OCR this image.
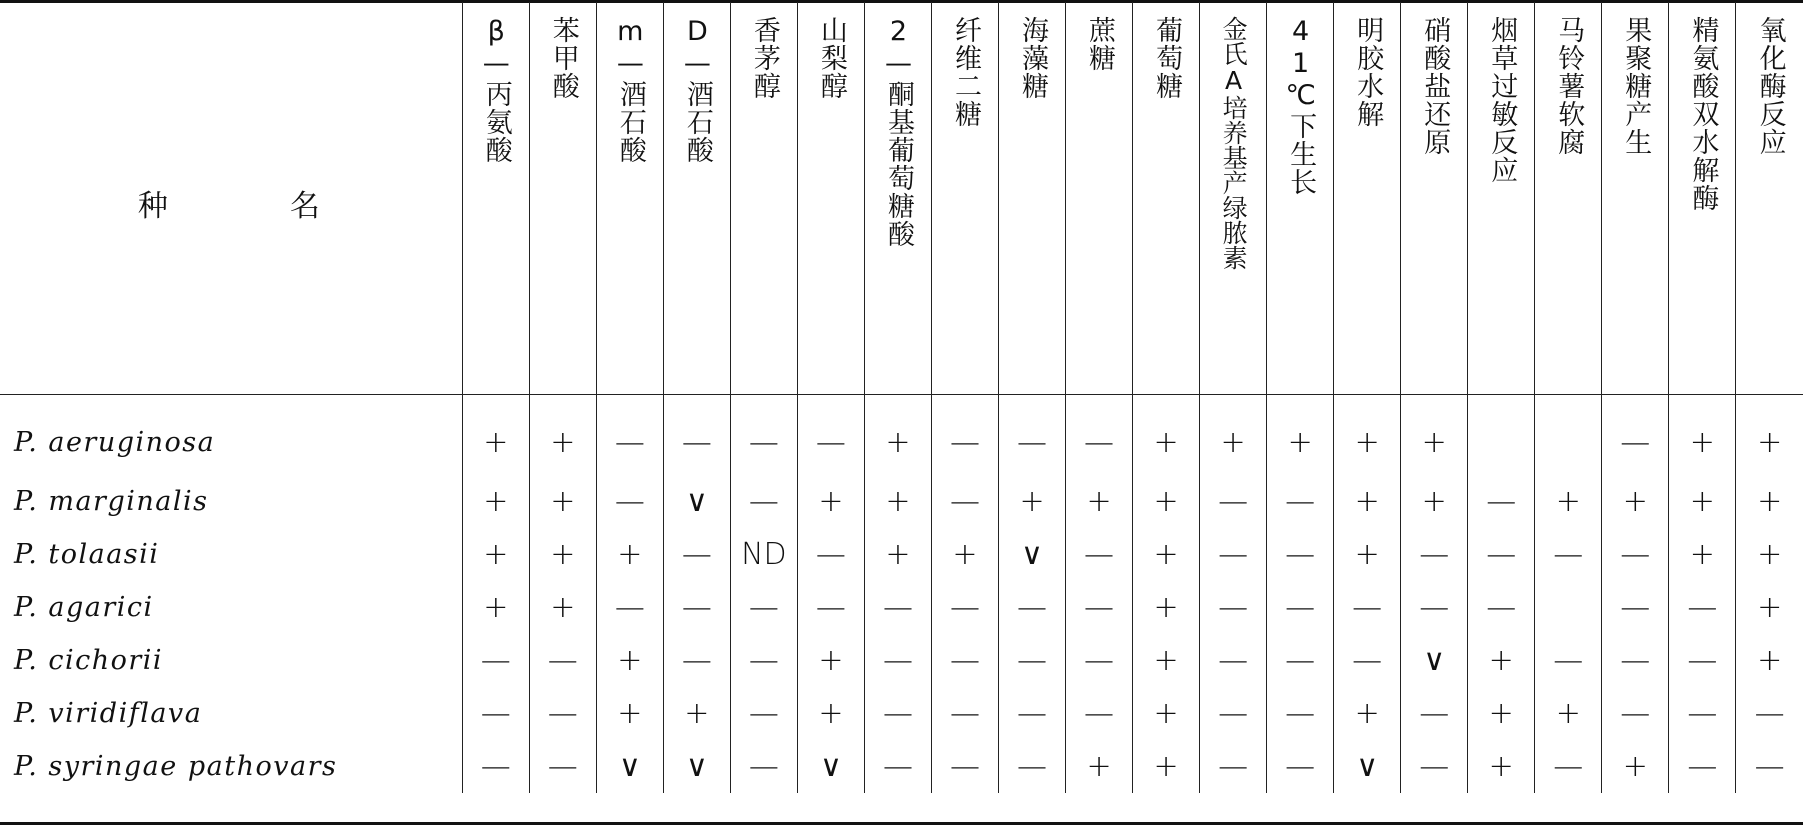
种 名	β—丙氨酸	苯甲酸	m—酒石酸	D—酒石酸	香茅醇	山梨醇	2—酮基葡萄糖酸	纤维二糖	海藻糖	蔗糖	葡萄糖	金氏A培养基产绿脓素	41℃下生长	明胶水解	硝酸盐还原	烟草过敏反应	马铃薯软腐	果聚糖产生	精氨酸双水解酶	氧化酶反应

P. aeruginosa	+	+	—	—	—	—	+	—	—	—	+	+	+	+	+			—	+	+
P. marginalis	+	+	—	∨	—	+	+	—	+	+	+	—	—	+	+	—	+	+	+	+
P. tolaasii	+	+	+	—	ND	—	+	+	∨	—	+	—	—	+	—	—	—	—	+	+
P. agarici	+	+	—	—	—	—	—	—	—	—	+	—	—	—	—	—		—	—	+
P. cichorii	—	—	+	—	—	+	—	—	—	—	+	—	—	—	∨	+	—	—	—	+
P. viridiflava	—	—	+	+	—	+	—	—	—	—	+	—	—	+	—	+	+	—	—	—
P. syringae pathovars	—	—	∨	∨	—	∨	—	—	—	+	+	—	—	∨	—	+	—	+	—	—
